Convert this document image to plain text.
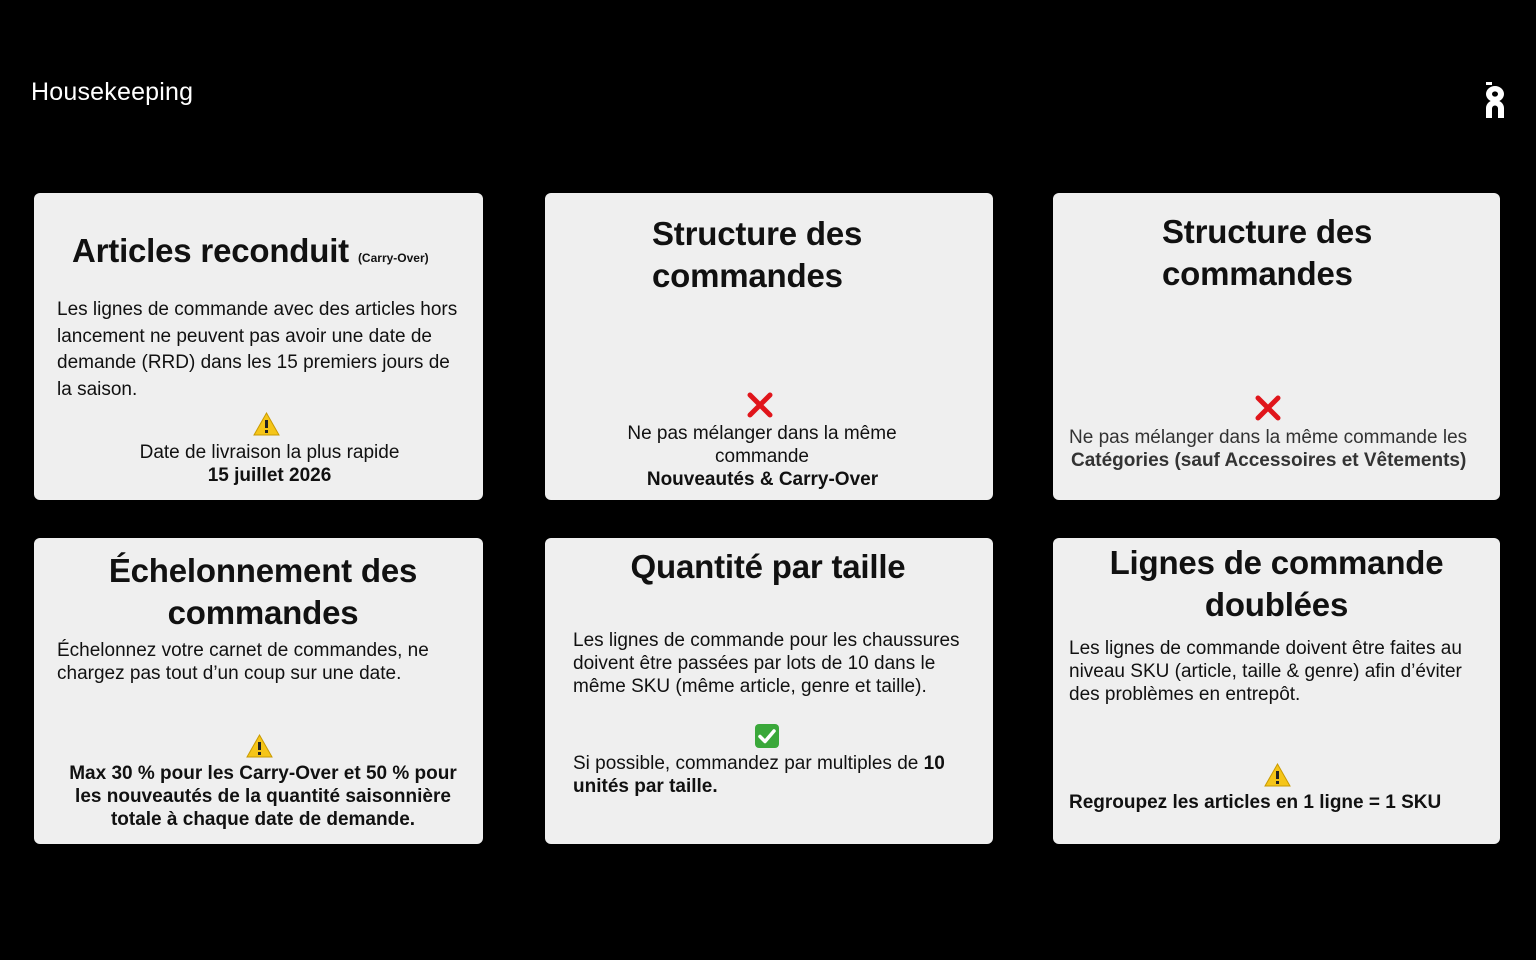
Housekeeping
Articles reconduit (Carry-Over)
Les lignes de commande avec des articles hors lancement ne peuvent pas avoir une date de demande (RRD) dans les 15 premiers jours de la saison.
Date de livraison la plus rapide
15 juillet 2026
Structure des commandes
Ne pas mélanger dans la même commande
Nouveautés & Carry-Over
Structure des commandes
Ne pas mélanger dans la même commande les
Catégories (sauf Accessoires et Vêtements)
Échelonnement des commandes
Échelonnez votre carnet de commandes, ne chargez pas tout d’un coup sur une date.
Max 30 % pour les Carry-Over et 50 % pour les nouveautés de la quantité saisonnière totale à chaque date de demande.
Quantité par taille
Les lignes de commande pour les chaussures doivent être passées par lots de 10 dans le même SKU (même article, genre et taille).
Si possible, commandez par multiples de 10
unités par taille.
Lignes de commande doublées
Les lignes de commande doivent être faites au niveau SKU (article, taille & genre) afin d’éviter des problèmes en entrepôt.
Regroupez les articles en 1 ligne = 1 SKU
